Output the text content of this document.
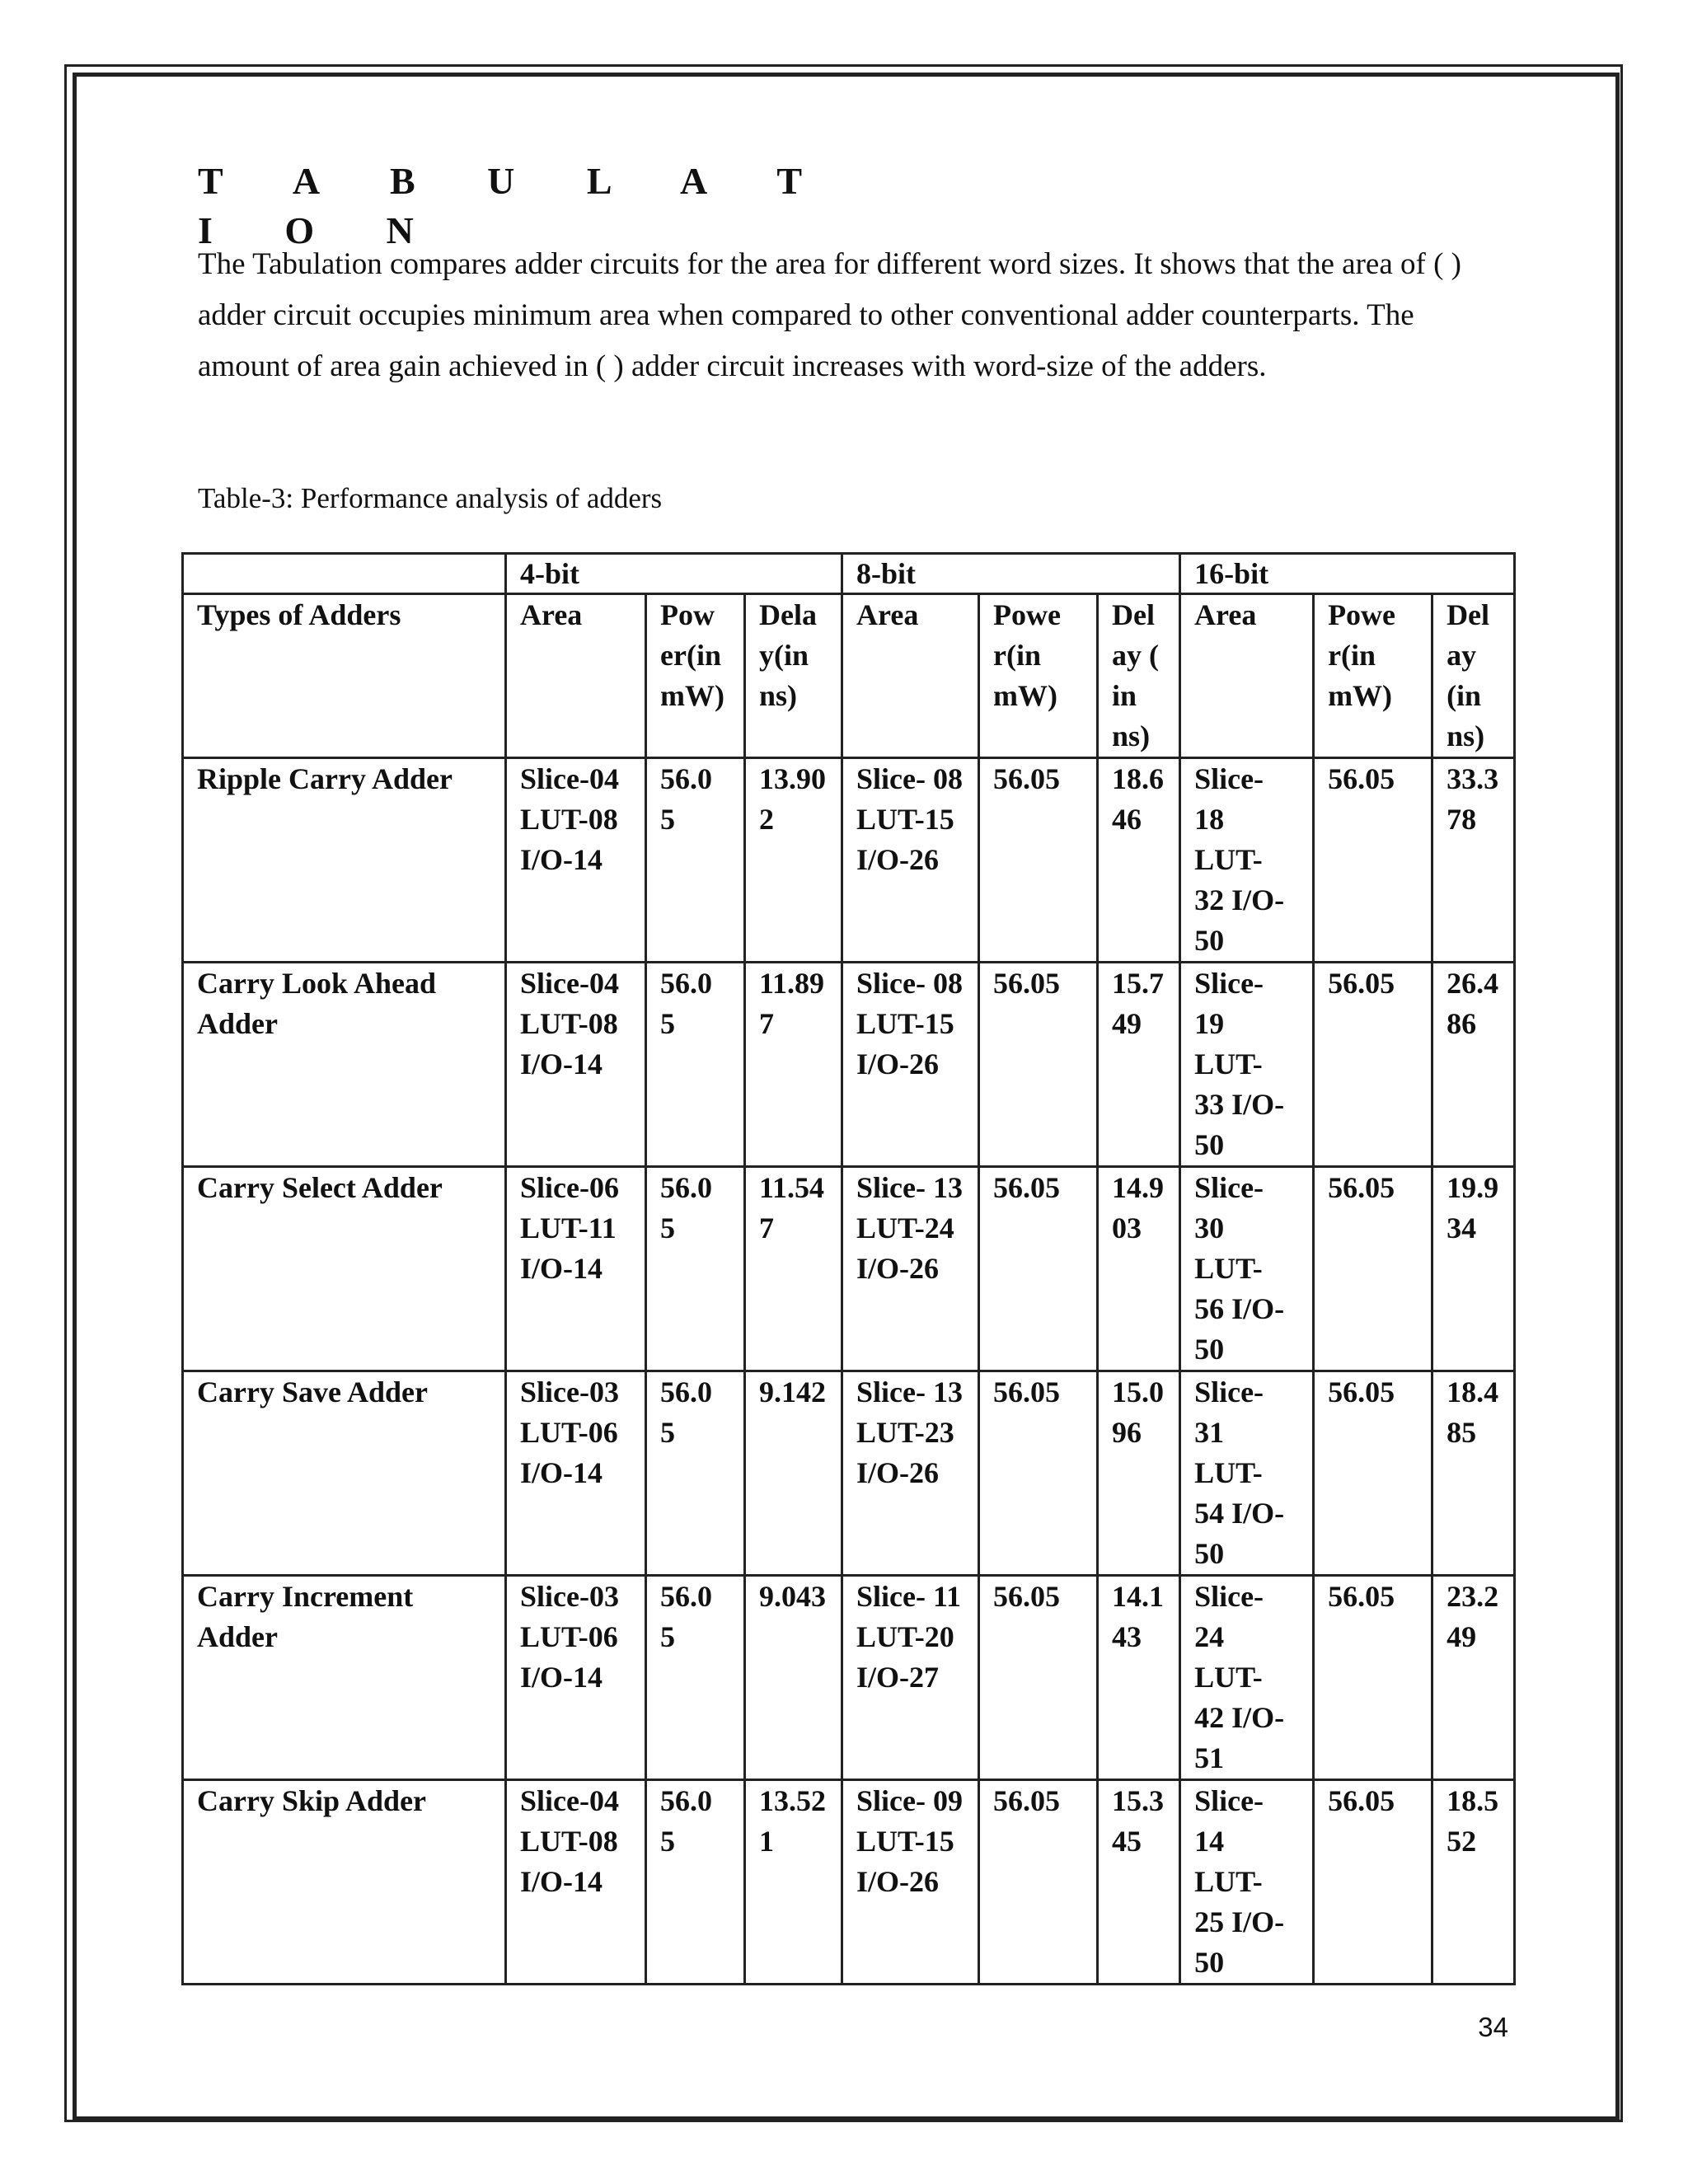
T A B U L A T I O N

The Tabulation compares adder circuits for the area for different word sizes. It shows that the area of ( ) adder circuit occupies minimum area when compared to other conventional adder counterparts. The amount of area gain achieved in ( ) adder circuit increases with word-size of the adders.

Table-3: Performance analysis of adders

	4-bit			8-bit			16-bit		
Types of Adders	Area	Pow er(in mW)	Dela y(in ns)	Area	Powe r(in mW)	Del ay ( in ns)	Area	Powe r(in mW)	Del ay (in ns)
Ripple Carry Adder	Slice-04 LUT-08 I/O-14	56.0 5	13.90 2	Slice- 08 LUT-15 I/O-26	56.05	18.6 46	Slice- 18 LUT- 32 I/O-50	56.05	33.3 78
Carry Look Ahead Adder	Slice-04 LUT-08 I/O-14	56.0 5	11.89 7	Slice- 08 LUT-15 I/O-26	56.05	15.7 49	Slice- 19 LUT- 33 I/O-50	56.05	26.4 86
Carry Select Adder	Slice-06 LUT-11 I/O-14	56.0 5	11.54 7	Slice- 13 LUT-24 I/O-26	56.05	14.9 03	Slice- 30 LUT- 56 I/O-50	56.05	19.9 34
Carry Save Adder	Slice-03 LUT-06 I/O-14	56.0 5	9.142	Slice- 13 LUT-23 I/O-26	56.05	15.0 96	Slice- 31 LUT- 54 I/O-50	56.05	18.4 85
Carry Increment Adder	Slice-03 LUT-06 I/O-14	56.0 5	9.043	Slice- 11 LUT-20 I/O-27	56.05	14.1 43	Slice- 24 LUT- 42 I/O-51	56.05	23.2 49
Carry Skip Adder	Slice-04 LUT-08 I/O-14	56.0 5	13.52 1	Slice- 09 LUT-15 I/O-26	56.05	15.3 45	Slice- 14 LUT- 25 I/O-50	56.05	18.5 52
34
